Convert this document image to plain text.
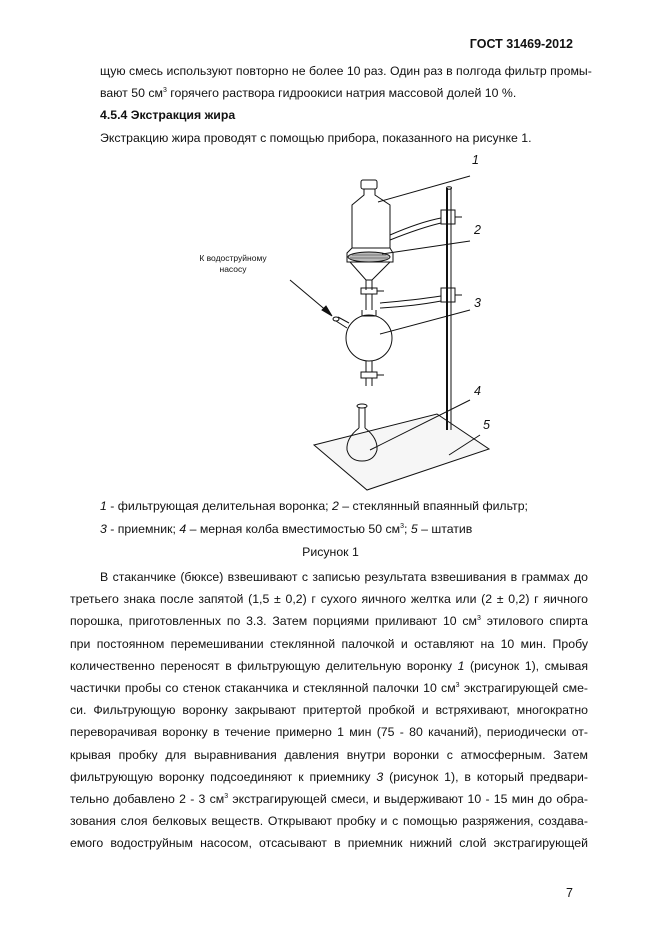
ГОСТ 31469-2012
щую смесь используют повторно не более 10 раз. Один раз в полгода фильтр промы-
вают 50 $см^3$ горячего раствора гидроокиси натрия массовой долей 10 %.
4.5.4 Экстракция жира
Экстракцию жира проводят с помощью прибора, показанного на рисунке 1.
1
2
3
4
5
К водоструйному
насосу
1 - фильтрующая делительная воронка; 2 – стеклянный впаянный фильтр;
3 - приемник; 4 – мерная колба вместимостью 50 $см^3$; 5 – штатив
Рисунок 1
В стаканчике (бюксе) взвешивают с записью результата взвешивания в граммах до
третьего знака после запятой (1,5 ± 0,2) г сухого яичного желтка или (2 ± 0,2) г яичного
порошка, приготовленных по 3.3. Затем порциями приливают 10 $см^3$ этилового спирта
при постоянном перемешивании стеклянной палочкой и оставляют на 10 мин. Пробу
количественно переносят в фильтрующую делительную воронку 1 (рисунок 1), смывая
частички пробы со стенок стаканчика и стеклянной палочки 10 $см^3$ экстрагирующей сме-
си. Фильтрующую воронку закрывают притертой пробкой и встряхивают, многократно
переворачивая воронку в течение примерно 1 мин (75 - 80 качаний), периодически от-
крывая пробку для выравнивания давления внутри воронки с атмосферным. Затем
фильтрующую воронку подсоединяют к приемнику 3 (рисунок 1), в который предвари-
тельно добавлено 2 - 3 $см^3$ экстрагирующей смеси, и выдерживают 10 - 15 мин до обра-
зования слоя белковых веществ. Открывают пробку и с помощью разряжения, создава-
емого водоструйным насосом, отсасывают в приемник нижний слой экстрагирующей
7
